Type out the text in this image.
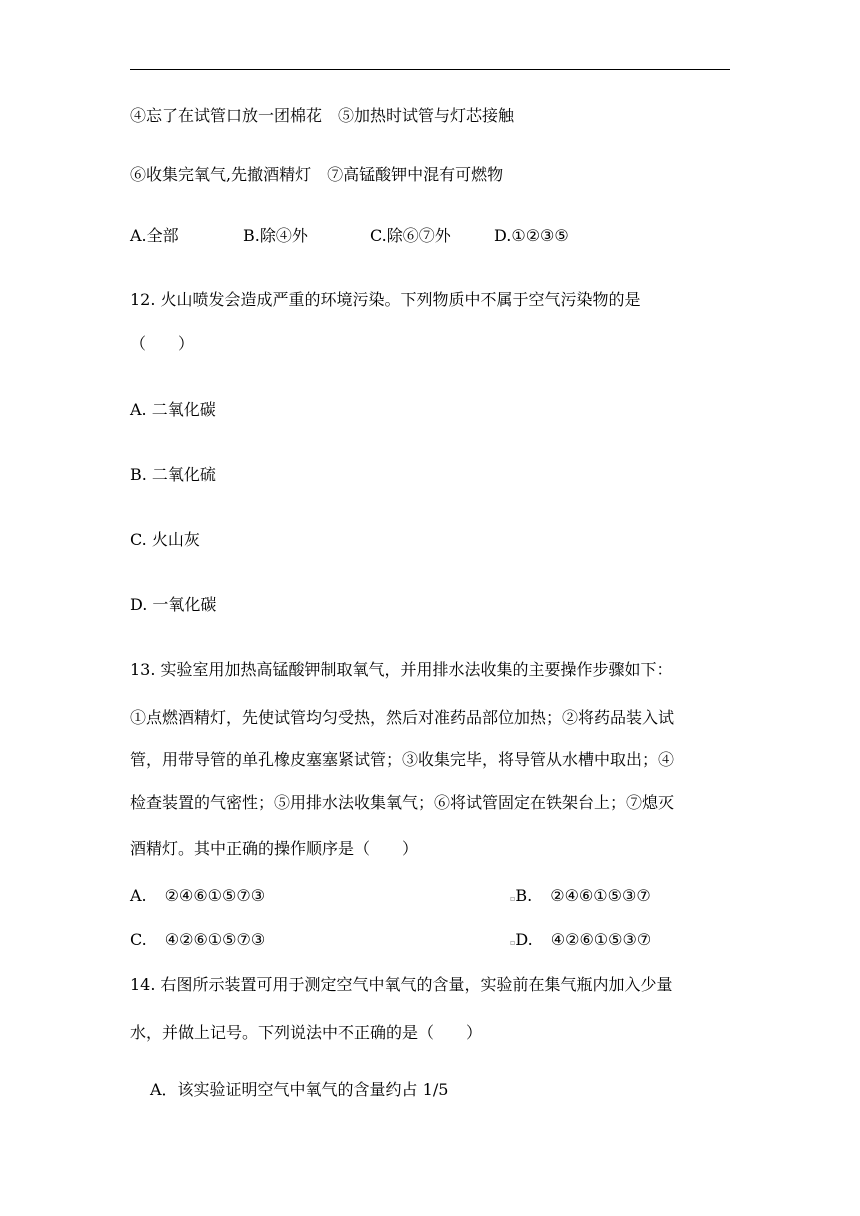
④忘了在试管口放一团棉花 ⑤加热时试管与灯芯接触
⑥收集完氧气,先撤酒精灯 ⑦高锰酸钾中混有可燃物
A.全部	B.除④外	C.除⑥⑦外	D.①②③⑤
12. 火山喷发会造成严重的环境污染。下列物质中不属于空气污染物的是
（　　）
A. 二氧化碳
B. 二氧化硫
C. 火山灰
D. 一氧化碳
13. 实验室用加热高锰酸钾制取氧气，并用排水法收集的主要操作步骤如下：
①点燃酒精灯，先使试管均匀受热，然后对准药品部位加热；②将药品装入试
管，用带导管的单孔橡皮塞塞紧试管；③收集完毕，将导管从水槽中取出；④
检查装置的气密性；⑤用排水法收集氧气；⑥将试管固定在铁架台上；⑦熄灭
酒精灯。其中正确的操作顺序是（　　）
A. ②④⑥①⑤⑦③	▫B. ②④⑥①⑤③⑦
C. ④②⑥①⑤⑦③	▫D. ④②⑥①⑤③⑦
14. 右图所示装置可用于测定空气中氧气的含量，实验前在集气瓶内加入少量
水，并做上记号。下列说法中不正确的是（　　）
A．该实验证明空气中氧气的含量约占 1/5
